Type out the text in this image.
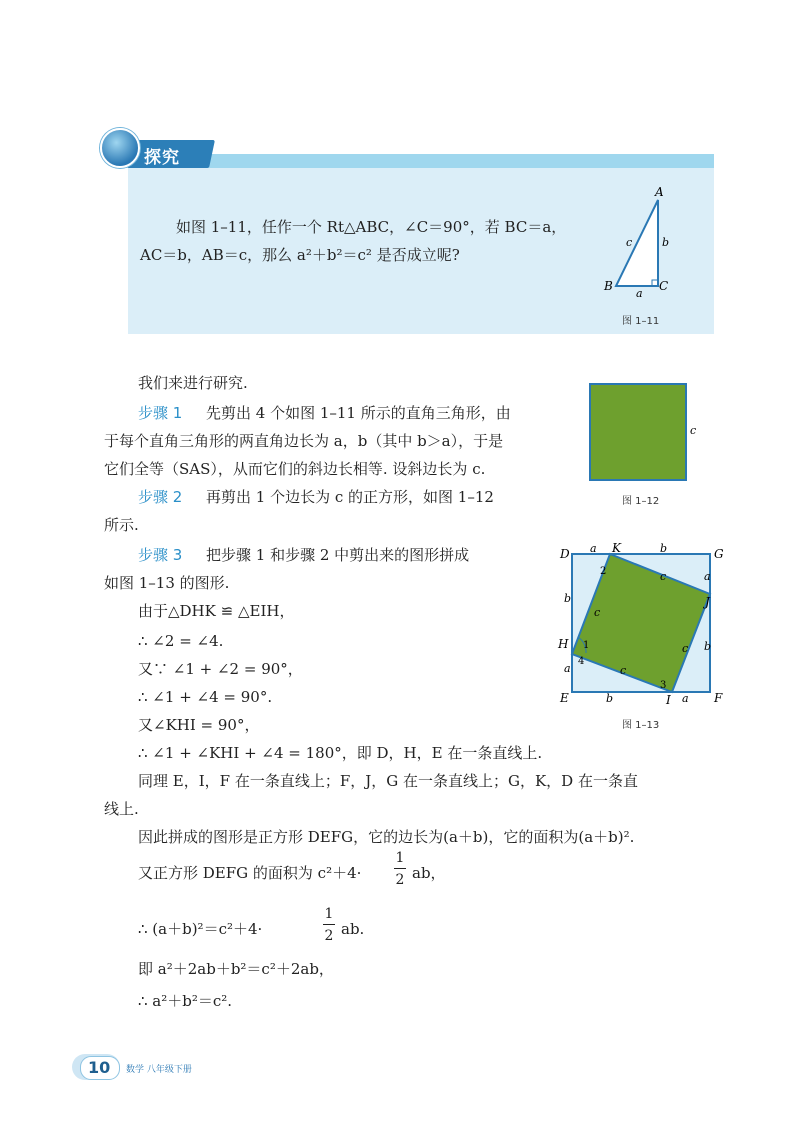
探究
如图 1–11，任作一个 Rt△ABC，∠C＝90°，若 BC＝a，
AC＝b，AB＝c，那么 a²＋b²＝c² 是否成立呢?
A
B	C
c	b
a
图 1–11
我们来进行研究.
步骤 1 先剪出 4 个如图 1–11 所示的直角三角形，由
于每个直角三角形的两直角边长为 a，b（其中 b＞a），于是
它们全等（SAS），从而它们的斜边长相等. 设斜边长为 c.
步骤 2 再剪出 1 个边长为 c 的正方形，如图 1–12
所示.
c
图 1–12
步骤 3 把步骤 1 和步骤 2 中剪出来的图形拼成
如图 1–13 的图形.
D	G
E	F
K
H
J
I
a	b
a
b
b
a
b	a
c
c
c
c
2
1
4
3
图 1–13
由于△DHK ≌ △EIH，
∴ ∠2 = ∠4.
又∵ ∠1 + ∠2 = 90°，
∴ ∠1 + ∠4 = 90°.
又∠KHI = 90°，
∴ ∠1 + ∠KHI + ∠4 = 180°，即 D，H，E 在一条直线上.
同理 E，I，F 在一条直线上；F，J，G 在一条直线上；G，K，D 在一条直
线上.
因此拼成的图形是正方形 DEFG，它的边长为(a＋b)，它的面积为(a＋b)².
又正方形 DEFG 的面积为 c²＋4·
1
2 ab，
∴ (a＋b)²＝c²＋4·
1
2 ab.
即 a²＋2ab＋b²＝c²＋2ab，
∴ a²＋b²＝c².
10 数学 八年级下册
